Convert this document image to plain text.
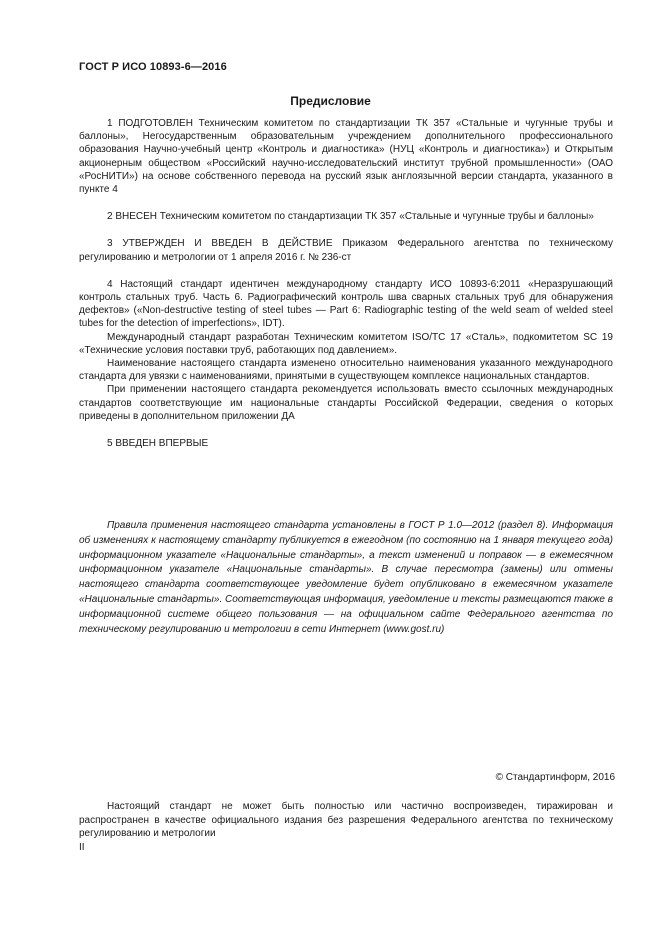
ГОСТ Р ИСО 10893-6—2016
Предисловие

1 ПОДГОТОВЛЕН Техническим комитетом по стандартизации ТК 357 «Стальные и чугунные трубы и баллоны», Негосударственным образовательным учреждением дополнительного профессионального образования Научно-учебный центр «Контроль и диагностика» (НУЦ «Контроль и диагностика») и Открытым акционерным обществом «Российский научно-исследовательский институт трубной промышленности» (ОАО «РосНИТИ») на основе собственного перевода на русский язык англоязычной версии стандарта, указанного в пункте 4

2 ВНЕСЕН Техническим комитетом по стандартизации ТК 357 «Стальные и чугунные трубы и баллоны»

3 УТВЕРЖДЕН И ВВЕДЕН В ДЕЙСТВИЕ Приказом Федерального агентства по техническому регулированию и метрологии от 1 апреля 2016 г. № 236-ст

4 Настоящий стандарт идентичен международному стандарту ИСО 10893-6:2011 «Неразрушающий контроль стальных труб. Часть 6. Радиографический контроль шва сварных стальных труб для обнаружения дефектов» («Non-destructive testing of steel tubes — Part 6: Radiographic testing of the weld seam of welded steel tubes for the detection of imperfections», IDT).

Международный стандарт разработан Техническим комитетом ISO/TC 17 «Сталь», подкомитетом SC 19 «Технические условия поставки труб, работающих под давлением».

Наименование настоящего стандарта изменено относительно наименования указанного международного стандарта для увязки с наименованиями, принятыми в существующем комплексе национальных стандартов.

При применении настоящего стандарта рекомендуется использовать вместо ссылочных международных стандартов соответствующие им национальные стандарты Российской Федерации, сведения о которых приведены в дополнительном приложении ДА

5 ВВЕДЕН ВПЕРВЫЕ

Правила применения настоящего стандарта установлены в ГОСТ Р 1.0—2012 (раздел 8). Информация об изменениях к настоящему стандарту публикуется в ежегодном (по состоянию на 1 января текущего года) информационном указателе «Национальные стандарты», а текст изменений и поправок — в ежемесячном информационном указателе «Национальные стандарты». В случае пересмотра (замены) или отмены настоящего стандарта соответствующее уведомление будет опубликовано в ежемесячном указателе «Национальные стандарты». Соответствующая информация, уведомление и тексты размещаются также в информационной системе общего пользования — на официальном сайте Федерального агентства по техническому регулированию и метрологии в сети Интернет (www.gost.ru)

© Стандартинформ, 2016

Настоящий стандарт не может быть полностью или частично воспроизведен, тиражирован и распространен в качестве официального издания без разрешения Федерального агентства по техническому регулированию и метрологии

II
